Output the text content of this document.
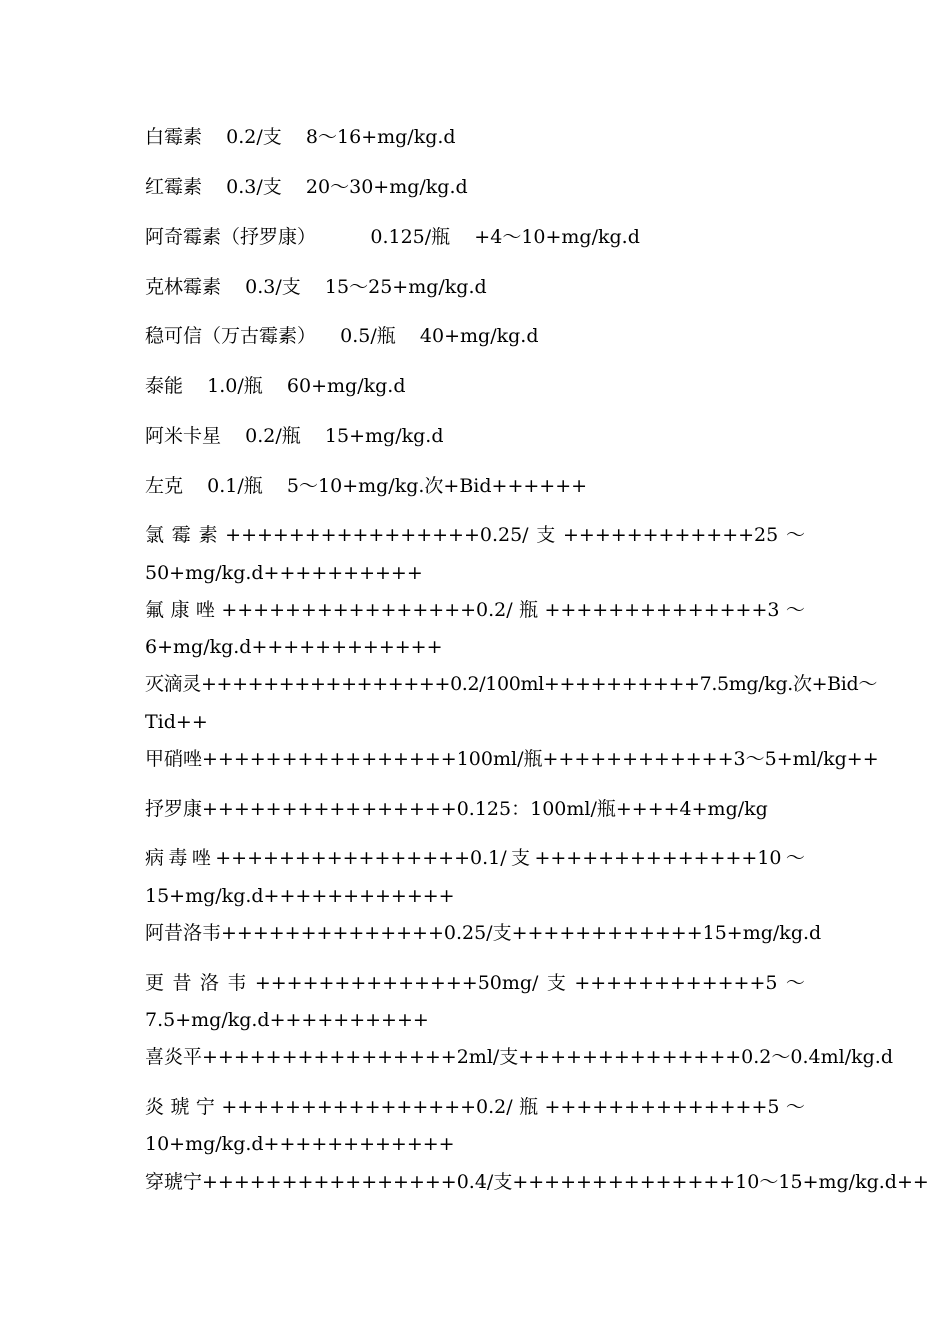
白霉素    0.2/支    8～16+mg/kg.d
红霉素    0.3/支    20～30+mg/kg.d
阿奇霉素（抒罗康）         0.125/瓶    +4～10+mg/kg.d
克林霉素    0.3/支    15～25+mg/kg.d
稳可信（万古霉素）    0.5/瓶    40+mg/kg.d
泰能    1.0/瓶    60+mg/kg.d
阿米卡星    0.2/瓶    15+mg/kg.d
左克    0.1/瓶    5～10+mg/kg.次+Bid++++++
氯 霉 素 ++++++++++++++++0.25/ 支 ++++++++++++25 ～
50+mg/kg.d++++++++++
氟 康 唑 ++++++++++++++++0.2/ 瓶 ++++++++++++++3 ～
6+mg/kg.d++++++++++++
灭滴灵++++++++++++++++0.2/100ml++++++++++7.5mg/kg.次+Bid～
Tid++
甲硝唑++++++++++++++++100ml/瓶++++++++++++3～5+ml/kg++
抒罗康++++++++++++++++0.125：100ml/瓶++++4+mg/kg
病 毒 唑 ++++++++++++++++0.1/ 支 ++++++++++++++10 ～
15+mg/kg.d++++++++++++
阿昔洛韦++++++++++++++0.25/支++++++++++++15+mg/kg.d
更 昔 洛 韦 ++++++++++++++50mg/ 支 ++++++++++++5 ～
7.5+mg/kg.d++++++++++
喜炎平++++++++++++++++2ml/支++++++++++++++0.2～0.4ml/kg.d
炎 琥 宁 ++++++++++++++++0.2/ 瓶 ++++++++++++++5 ～
10+mg/kg.d++++++++++++
穿琥宁++++++++++++++++0.4/支++++++++++++++10～15+mg/kg.d++
